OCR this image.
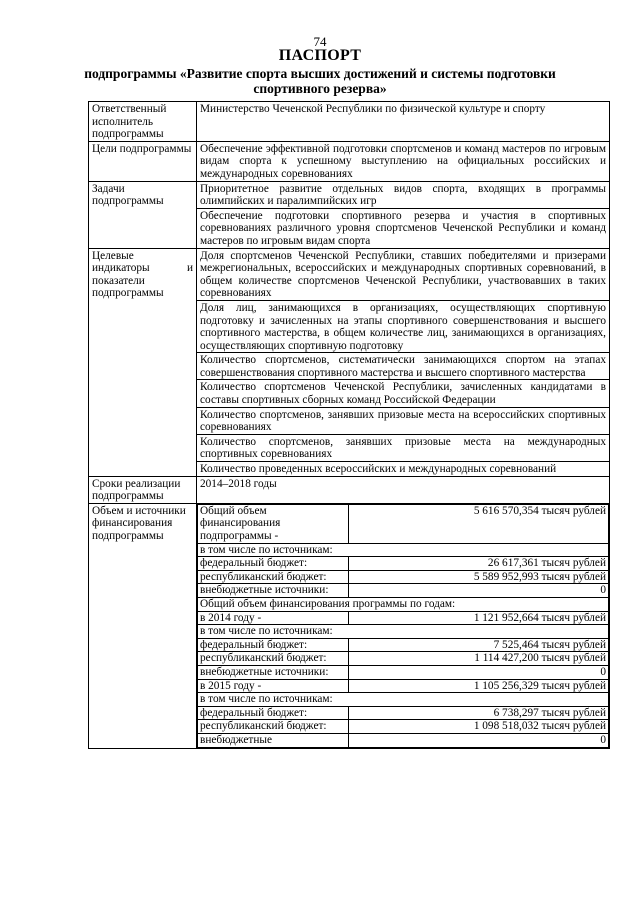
74
ПАСПОРТ
подпрограммы «Развитие спорта высших достижений и системы подготовки спортивного резерва»
Ответственный исполнитель подпрограммы	Министерство Чеченской Республики по физической культуре и спорту
Цели подпрограммы	Обеспечение эффективной подготовки спортсменов и команд мастеров по игровым видам спорта к успешному выступлению на официальных российских и международных соревнованиях
Задачи подпрограммы	Приоритетное развитие отдельных видов спорта, входящих в программы олимпийских и паралимпийских игр
Обеспечение подготовки спортивного резерва и участия в спортивных соревнованиях различного уровня спортсменов Чеченской Республики и команд мастеров по игровым видам спорта
Целевые индикаторы и показатели подпрограммы	Доля спортсменов Чеченской Республики, ставших победителями и призерами межрегиональных, всероссийских и международных спортивных соревнований, в общем количестве спортсменов Чеченской Республики, участвовавших в таких соревнованиях
Доля лиц, занимающихся в организациях, осуществляющих спортивную подготовку и зачисленных на этапы спортивного совершенствования и высшего спортивного мастерства, в общем количестве лиц, занимающихся в организациях, осуществляющих спортивную подготовку
Количество спортсменов, систематически занимающихся спортом на этапах совершенствования спортивного мастерства и высшего спортивного мастерства
Количество спортсменов Чеченской Республики, зачисленных кандидатами в составы спортивных сборных команд Российской Федерации
Количество спортсменов, занявших призовые места на всероссийских спортивных соревнованиях
Количество спортсменов, занявших призовые места на международных спортивных соревнованиях
Количество проведенных всероссийских и международных соревнований
Сроки реализации подпрограммы	2014–2018 годы
Объем и источники финансирования подпрограммы	
Общий объем финансирования подпрограммы -	5 616 570,354 тысяч рублей
в том числе по источникам:
федеральный бюджет:	26 617,361 тысяч рублей
республиканский бюджет:	5 589 952,993 тысяч рублей
внебюджетные источники:	0
Общий объем финансирования программы по годам:
в 2014 году -	1 121 952,664 тысяч рублей
в том числе по источникам:
федеральный бюджет:	7 525,464 тысяч рублей
республиканский бюджет:	1 114 427,200 тысяч рублей
внебюджетные источники:	0
в 2015 году -	1 105 256,329 тысяч рублей
в том числе по источникам:
федеральный бюджет:	6 738,297 тысяч рублей
республиканский бюджет:	1 098 518,032 тысяч рублей
внебюджетные	0
